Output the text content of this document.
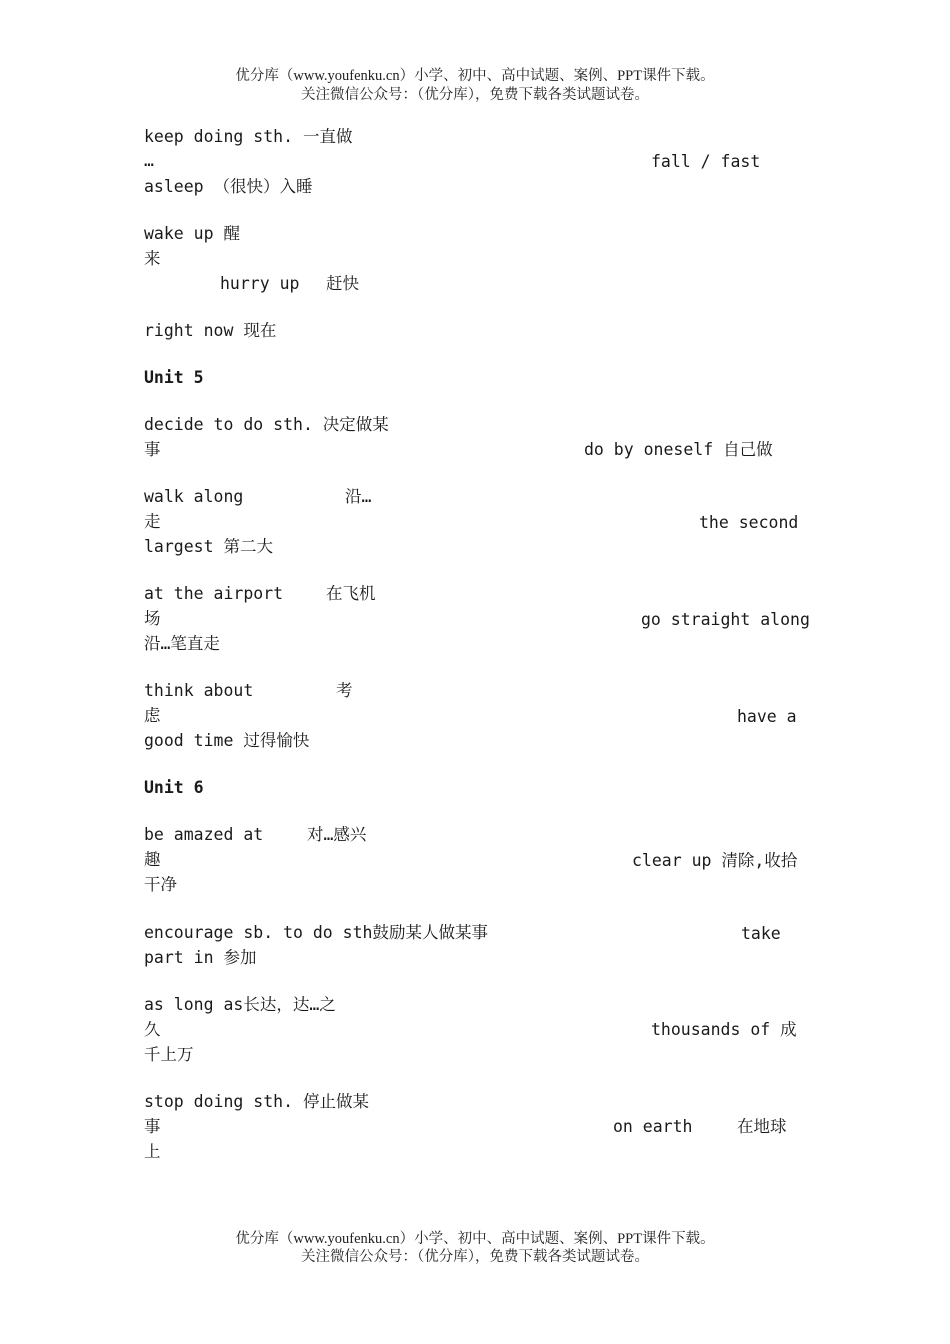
优分库（www.youfenku.cn）小学、初中、高中试题、案例、PPT课件下载。
关注微信公众号：（优分库），免费下载各类试题试卷。
keep doing sth. 一直做
…	fall / fast
asleep （很快）入睡
wake up 醒
来
hurry up 赶快
right now 现在
Unit 5
decide to do sth. 决定做某
事	do by oneself 自己做
walk along	沿…
走	the second
largest 第二大
at the airport	在飞机
场	go straight along
沿…笔直走
think about	考
虑	have a
good time 过得愉快
Unit 6
be amazed at	对…感兴
趣	clear up 清除,收拾
干净
encourage sb. to do sth鼓励某人做某事	take
part in 参加
as long as长达，达…之
久	thousands of 成
千上万
stop doing sth. 停止做某
事	on earth	在地球
上
优分库（www.youfenku.cn）小学、初中、高中试题、案例、PPT课件下载。
关注微信公众号：（优分库），免费下载各类试题试卷。
